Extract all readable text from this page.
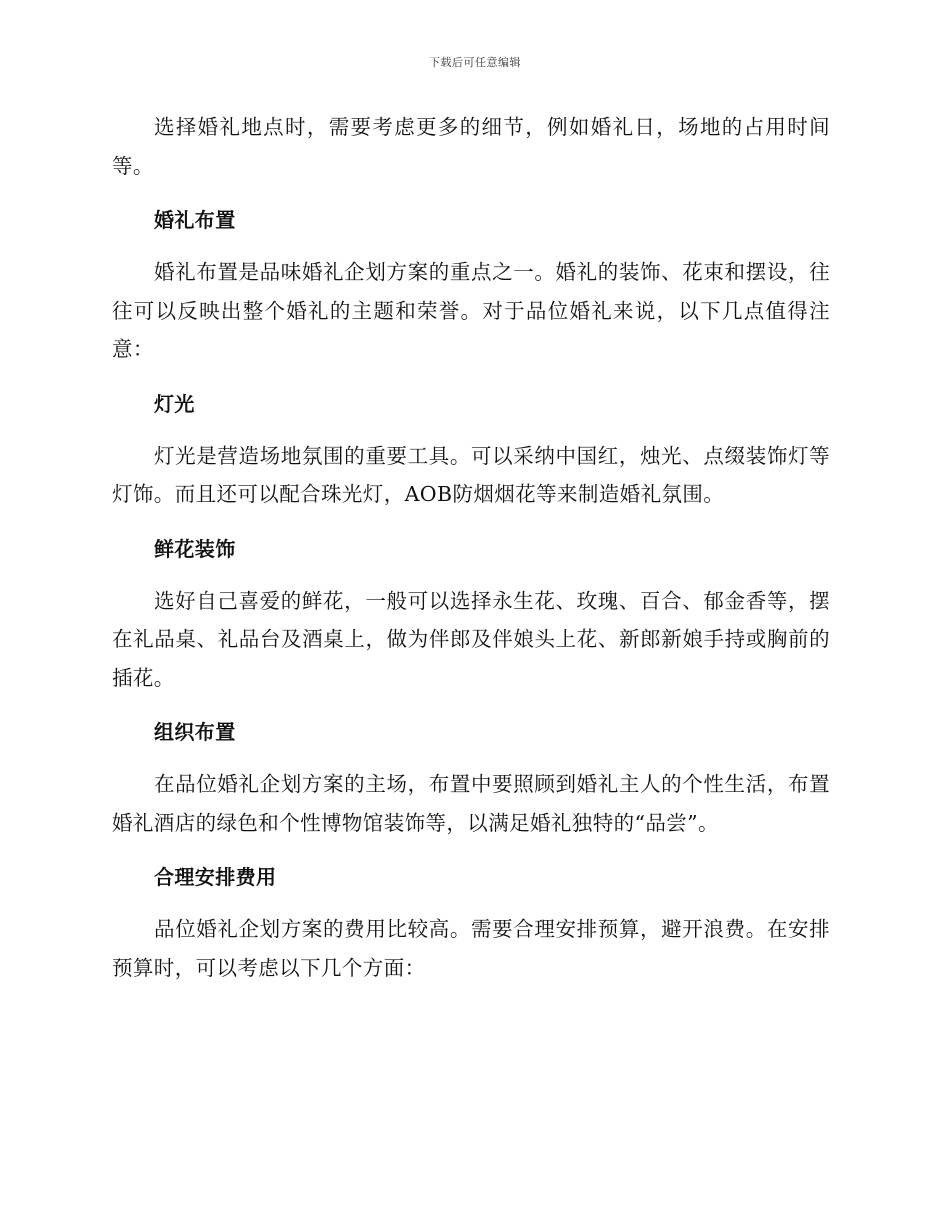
下载后可任意编辑

选择婚礼地点时，需要考虑更多的细节，例如婚礼日，场地的占用时间等。

婚礼布置

婚礼布置是品味婚礼企划方案的重点之一。婚礼的装饰、花束和摆设，往往可以反映出整个婚礼的主题和荣誉。对于品位婚礼来说，以下几点值得注意：

灯光

灯光是营造场地氛围的重要工具。可以采纳中国红，烛光、点缀装饰灯等灯饰。而且还可以配合珠光灯，AOB防烟烟花等来制造婚礼氛围。

鲜花装饰

选好自己喜爱的鲜花，一般可以选择永生花、玫瑰、百合、郁金香等，摆在礼品桌、礼品台及酒桌上，做为伴郎及伴娘头上花、新郎新娘手持或胸前的插花。

组织布置

在品位婚礼企划方案的主场，布置中要照顾到婚礼主人的个性生活，布置婚礼酒店的绿色和个性博物馆装饰等，以满足婚礼独特的“品尝”。

合理安排费用

品位婚礼企划方案的费用比较高。需要合理安排预算，避开浪费。在安排预算时，可以考虑以下几个方面：
